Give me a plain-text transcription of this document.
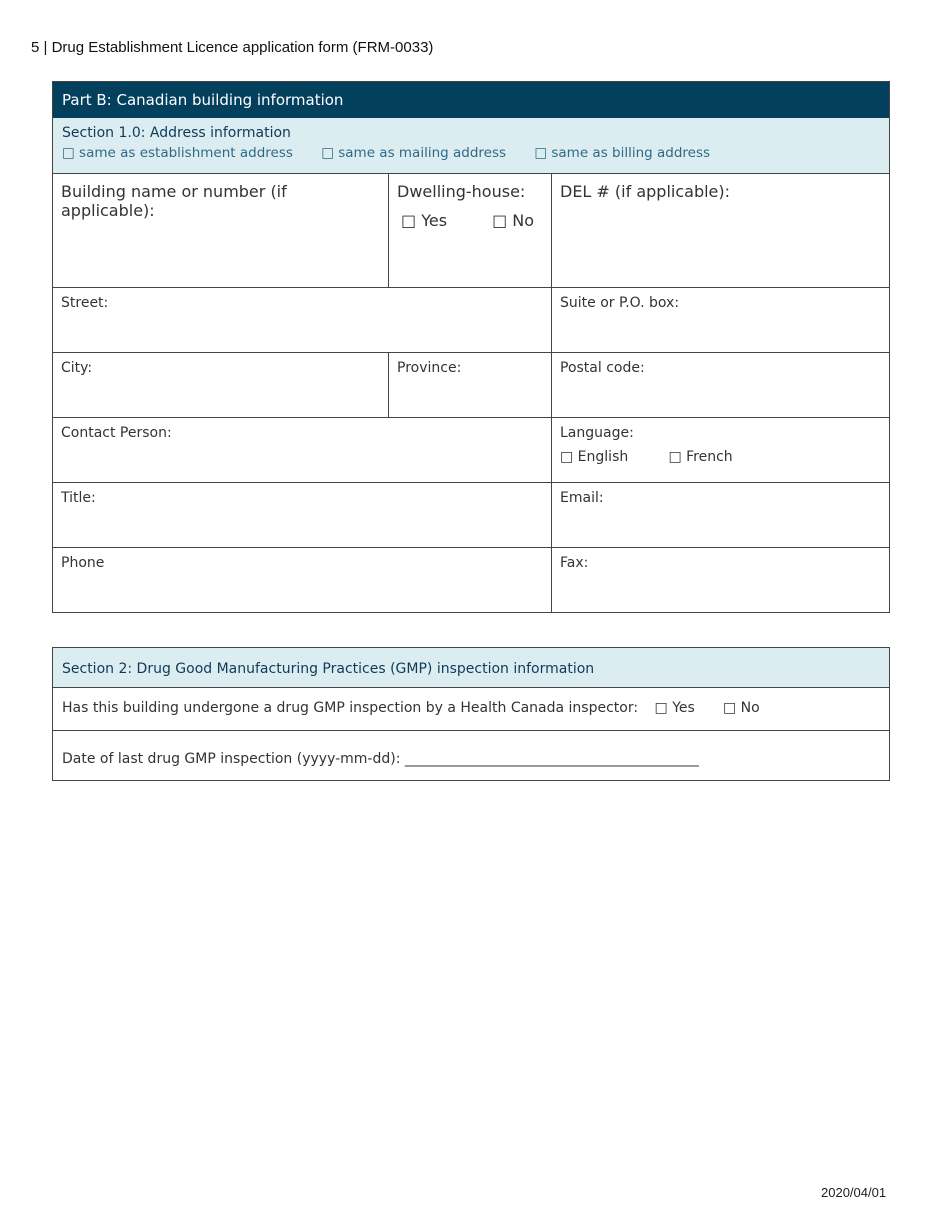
5 | Drug Establishment Licence application form (FRM-0033)
Part B: Canadian building information
Section 1.0: Address information
□ same as establishment address □ same as mailing address □ same as billing address
Building name or number (if applicable):
Dwelling-house:
□ Yes	□ No
DEL # (if applicable):
Street:	Suite or P.O. box:
City:	Province:	Postal code:
Contact Person:	Language:
□ English	□ French
Title:	Email:
Phone	Fax:
Section 2: Drug Good Manufacturing Practices (GMP) inspection information
Has this building undergone a drug GMP inspection by a Health Canada inspector: □ Yes □ No
Date of last drug GMP inspection (yyyy-mm-dd): __________________________________________
2020/04/01
